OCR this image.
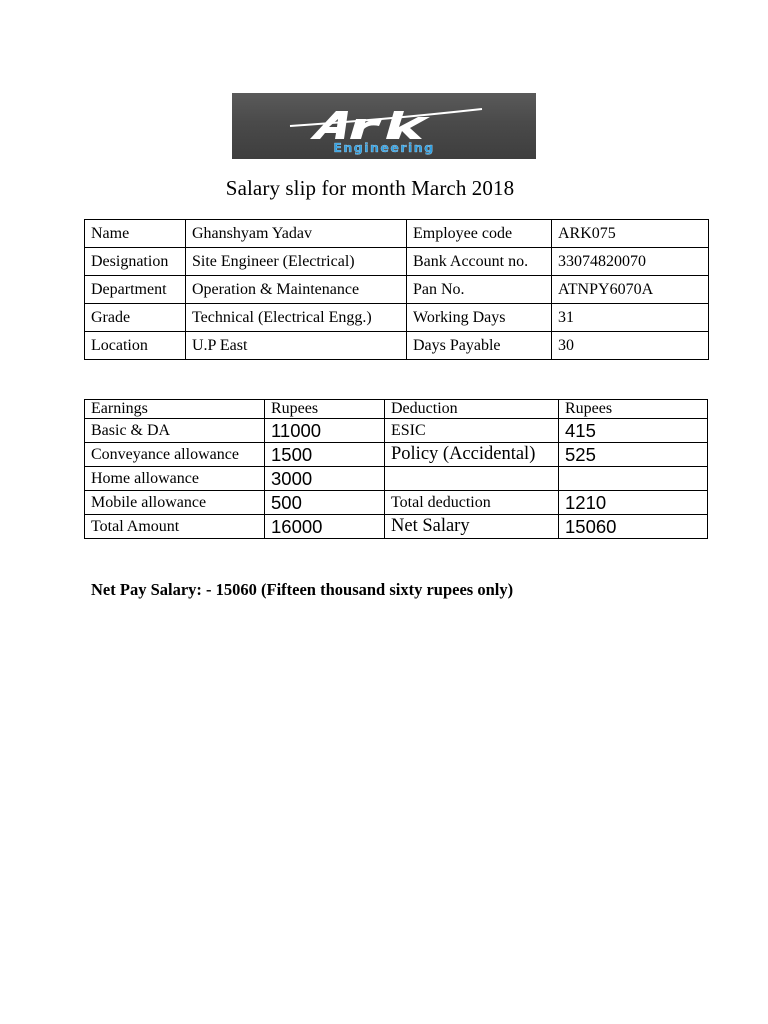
Engineering
Salary slip for month March 2018
Name	Ghanshyam Yadav	Employee code	ARK075
Designation	Site Engineer (Electrical)	Bank Account no.	33074820070
Department	Operation & Maintenance	Pan No.	ATNPY6070A
Grade	Technical (Electrical Engg.)	Working Days	31
Location	U.P East	Days Payable	30
Earnings	Rupees	Deduction	Rupees
Basic & DA	11000	ESIC	415
Conveyance allowance	1500	Policy (Accidental)	525
Home allowance	3000		
Mobile allowance	500	Total deduction	1210
Total Amount	16000	Net Salary	15060
Net Pay Salary: - 15060 (Fifteen thousand sixty rupees only)
